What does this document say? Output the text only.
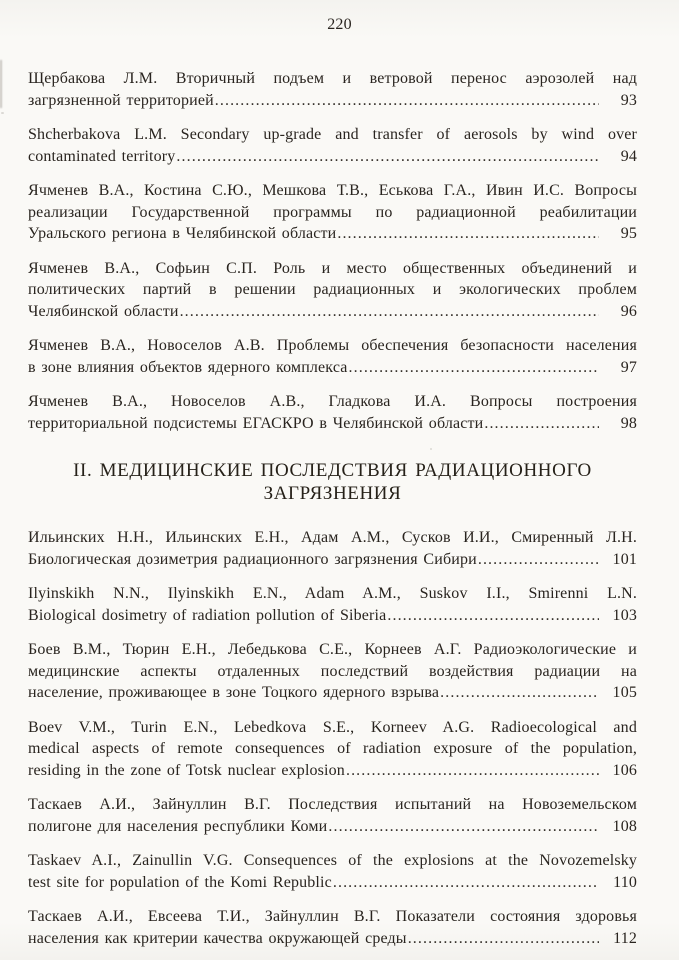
220
Щербакова Л.М. Вторичный подъем и ветровой перенос аэрозолей над
загрязненной территорией .....	93
Shcherbakova L.M. Secondary up-grade and transfer of aerosols by wind over
contaminated territory .....	94
Ячменев В.А., Костина С.Ю., Мешкова Т.В., Еськова Г.А., Ивин И.С. Вопросы
реализации Государственной программы по радиационной реабилитации
Уральского региона в Челябинской области .....	95
Ячменев В.А., Софьин С.П. Роль и место общественных объединений и
политических партий в решении радиационных и экологических проблем
Челябинской области .....	96
Ячменев В.А., Новоселов А.В. Проблемы обеспечения безопасности населения
в зоне влияния объектов ядерного комплекса .....	97
Ячменев В.А., Новоселов А.В., Гладкова И.А. Вопросы построения
территориальной подсистемы ЕГАСКРО в Челябинской области .....	98
II. МЕДИЦИНСКИЕ ПОСЛЕДСТВИЯ РАДИАЦИОННОГО
ЗАГРЯЗНЕНИЯ
Ильинских Н.Н., Ильинских Е.Н., Адам А.М., Сусков И.И., Смиренный Л.Н.
Биологическая дозиметрия радиационного загрязнения Сибири .....	101
Ilyinskikh N.N., Ilyinskikh E.N., Adam A.M., Suskov I.I., Smirenni L.N.
Biological dosimetry of radiation pollution of Siberia .....	103
Боев В.М., Тюрин Е.Н., Лебедькова С.Е., Корнеев А.Г. Радиоэкологические и
медицинские аспекты отдаленных последствий воздействия радиации на
население, проживающее в зоне Тоцкого ядерного взрыва .....	105
Boev V.M., Turin E.N., Lebedkova S.E., Korneev A.G. Radioecological and
medical aspects of remote consequences of radiation exposure of the population,
residing in the zone of Totsk nuclear explosion .....	106
Таскаев А.И., Зайнуллин В.Г. Последствия испытаний на Новоземельском
полигоне для населения республики Коми .....	108
Taskaev A.I., Zainullin V.G. Consequences of the explosions at the Novozemelsky
test site for population of the Komi Republic .....	110
Таскаев А.И., Евсеева Т.И., Зайнуллин В.Г. Показатели состояния здоровья
населения как критерии качества окружающей среды .....	112
